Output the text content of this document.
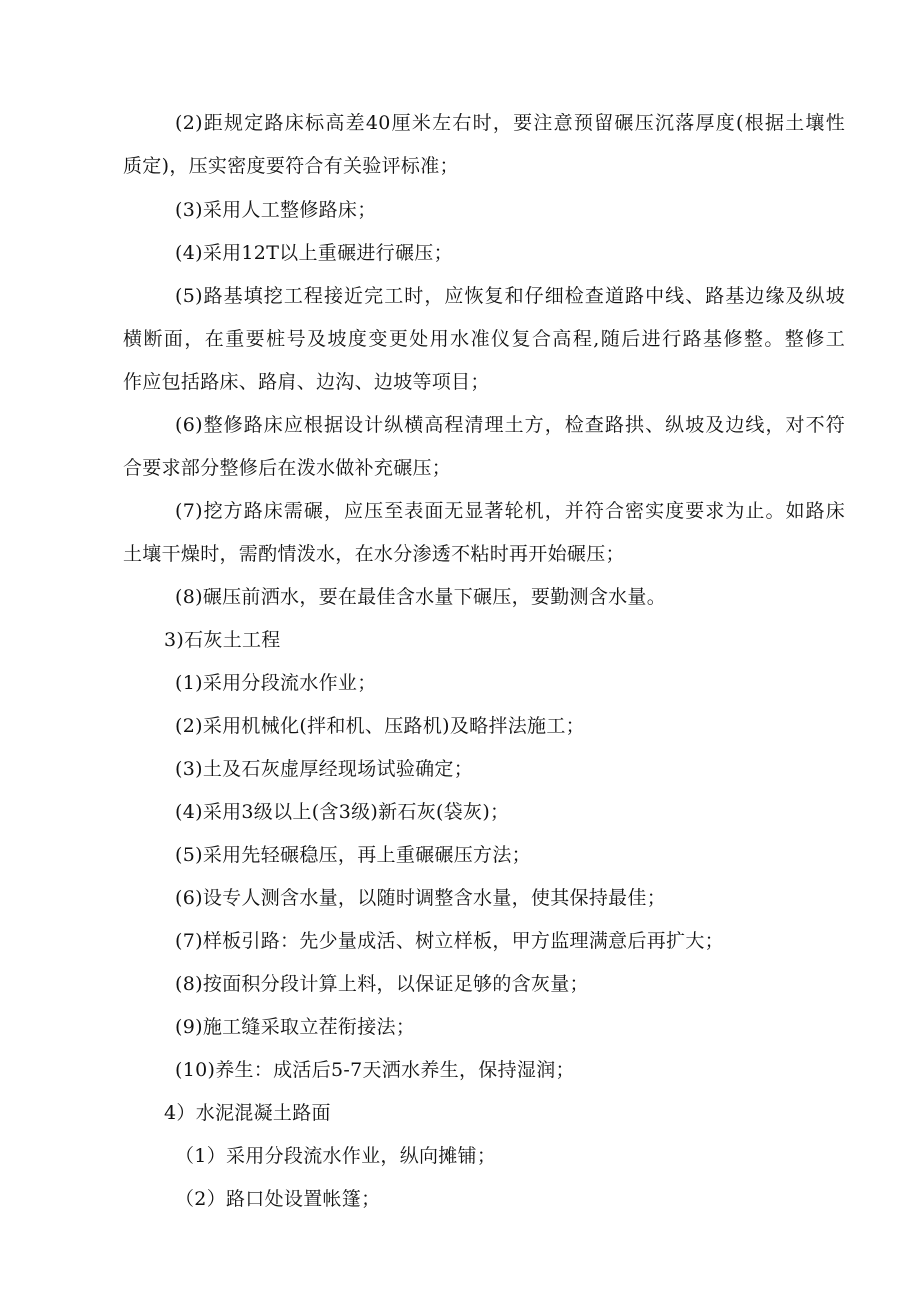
(2)距规定路床标高差40厘米左右时，要注意预留碾压沉落厚度(根据土壤性
质定)，压实密度要符合有关验评标准；
(3)采用人工整修路床；
(4)采用12T以上重碾进行碾压；
(5)路基填挖工程接近完工时，应恢复和仔细检查道路中线、路基边缘及纵坡
横断面，在重要桩号及坡度变更处用水准仪复合高程,随后进行路基修整。整修工
作应包括路床、路肩、边沟、边坡等项目；
(6)整修路床应根据设计纵横高程清理土方，检查路拱、纵坡及边线，对不符
合要求部分整修后在泼水做补充碾压；
(7)挖方路床需碾，应压至表面无显著轮机，并符合密实度要求为止。如路床
土壤干燥时，需酌情泼水，在水分渗透不粘时再开始碾压；
(8)碾压前洒水，要在最佳含水量下碾压，要勤测含水量。
3)石灰土工程
(1)采用分段流水作业；
(2)采用机械化(拌和机、压路机)及略拌法施工；
(3)土及石灰虚厚经现场试验确定；
(4)采用3级以上(含3级)新石灰(袋灰)；
(5)采用先轻碾稳压，再上重碾碾压方法；
(6)设专人测含水量，以随时调整含水量，使其保持最佳；
(7)样板引路：先少量成活、树立样板，甲方监理满意后再扩大；
(8)按面积分段计算上料，以保证足够的含灰量；
(9)施工缝采取立茬衔接法；
(10)养生：成活后5-7天洒水养生，保持湿润；
4）水泥混凝土路面
（1）采用分段流水作业，纵向摊铺；
（2）路口处设置帐篷；
